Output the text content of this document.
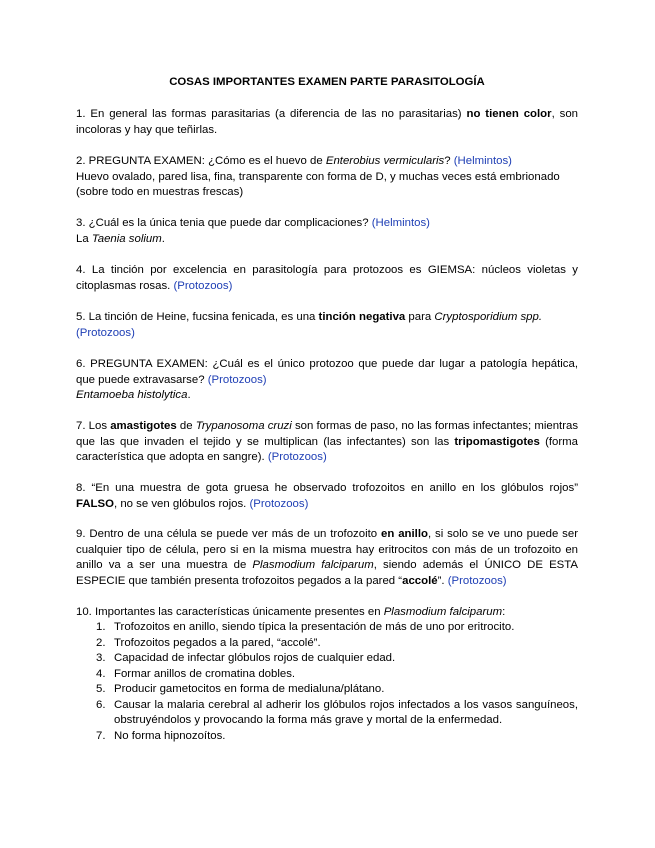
COSAS IMPORTANTES EXAMEN PARTE PARASITOLOGÍA
1. En general las formas parasitarias (a diferencia de las no parasitarias) no tienen color, son incoloras y hay que teñirlas.
2. PREGUNTA EXAMEN: ¿Cómo es el huevo de Enterobius vermicularis? (Helmintos)
Huevo ovalado, pared lisa, fina, transparente con forma de D, y muchas veces está embrionado (sobre todo en muestras frescas)
3. ¿Cuál es la única tenia que puede dar complicaciones? (Helmintos)
La Taenia solium.
4. La tinción por excelencia en parasitología para protozoos es GIEMSA: núcleos violetas y citoplasmas rosas. (Protozoos)
5. La tinción de Heine, fucsina fenicada, es una tinción negativa para Cryptosporidium spp.
(Protozoos)
6. PREGUNTA EXAMEN: ¿Cuál es el único protozoo que puede dar lugar a patología hepática, que puede extravasarse? (Protozoos)
Entamoeba histolytica.
7. Los amastigotes de Trypanosoma cruzi son formas de paso, no las formas infectantes; mientras que las que invaden el tejido y se multiplican (las infectantes) son las tripomastigotes (forma característica que adopta en sangre). (Protozoos)
8. “En una muestra de gota gruesa he observado trofozoitos en anillo en los glóbulos rojos” FALSO, no se ven glóbulos rojos. (Protozoos)
9. Dentro de una célula se puede ver más de un trofozoito en anillo, si solo se ve uno puede ser cualquier tipo de célula, pero si en la misma muestra hay eritrocitos con más de un trofozoito en anillo va a ser una muestra de Plasmodium falciparum, siendo además el ÚNICO DE ESTA ESPECIE que también presenta trofozoitos pegados a la pared “accolé”. (Protozoos)
10. Importantes las características únicamente presentes en Plasmodium falciparum:
1. Trofozoitos en anillo, siendo típica la presentación de más de uno por eritrocito.
2. Trofozoitos pegados a la pared, “accolé”.
3. Capacidad de infectar glóbulos rojos de cualquier edad.
4. Formar anillos de cromatina dobles.
5. Producir gametocitos en forma de medialuna/plátano.
6. Causar la malaria cerebral al adherir los glóbulos rojos infectados a los vasos sanguíneos, obstruyéndolos y provocando la forma más grave y mortal de la enfermedad.
7. No forma hipnozoítos.
